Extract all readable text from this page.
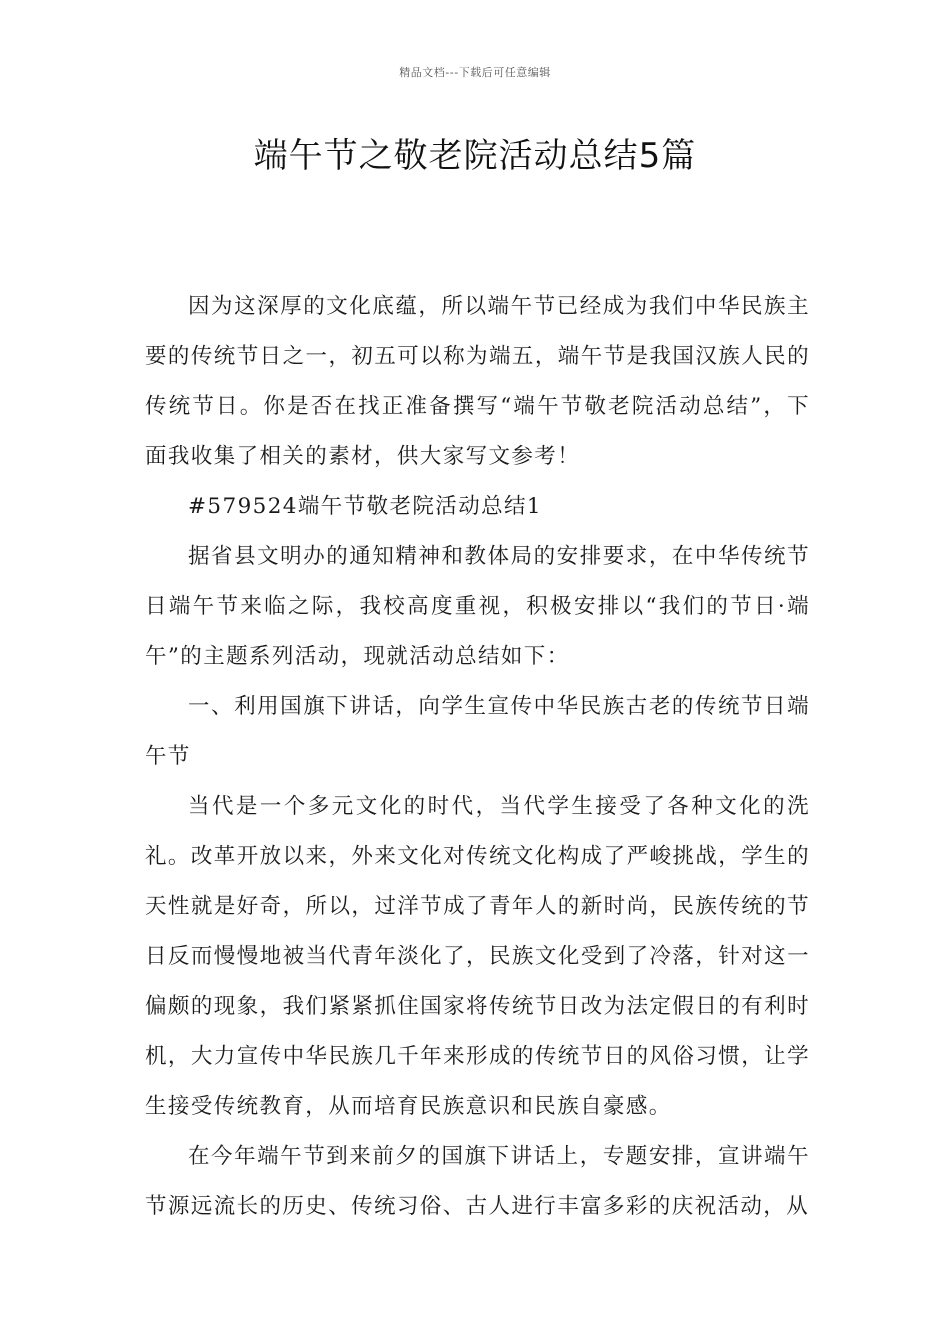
精品文档---下载后可任意编辑
端午节之敬老院活动总结5篇

因为这深厚的文化底蕴，所以端午节已经成为我们中华民族主要的传统节日之一，初五可以称为端五，端午节是我国汉族人民的传统节日。你是否在找正准备撰写“端午节敬老院活动总结”，下面我收集了相关的素材，供大家写文参考！

#579524端午节敬老院活动总结1

据省县文明办的通知精神和教体局的安排要求，在中华传统节日端午节来临之际，我校高度重视，积极安排以“我们的节日·端午”的主题系列活动，现就活动总结如下：

一、利用国旗下讲话，向学生宣传中华民族古老的传统节日端午节

当代是一个多元文化的时代，当代学生接受了各种文化的洗礼。改革开放以来，外来文化对传统文化构成了严峻挑战，学生的天性就是好奇，所以，过洋节成了青年人的新时尚，民族传统的节日反而慢慢地被当代青年淡化了，民族文化受到了冷落，针对这一偏颇的现象，我们紧紧抓住国家将传统节日改为法定假日的有利时机，大力宣传中华民族几千年来形成的传统节日的风俗习惯，让学生接受传统教育，从而培育民族意识和民族自豪感。

在今年端午节到来前夕的国旗下讲话上，专题安排，宣讲端午节源远流长的历史、传统习俗、古人进行丰富多彩的庆祝活动，从
